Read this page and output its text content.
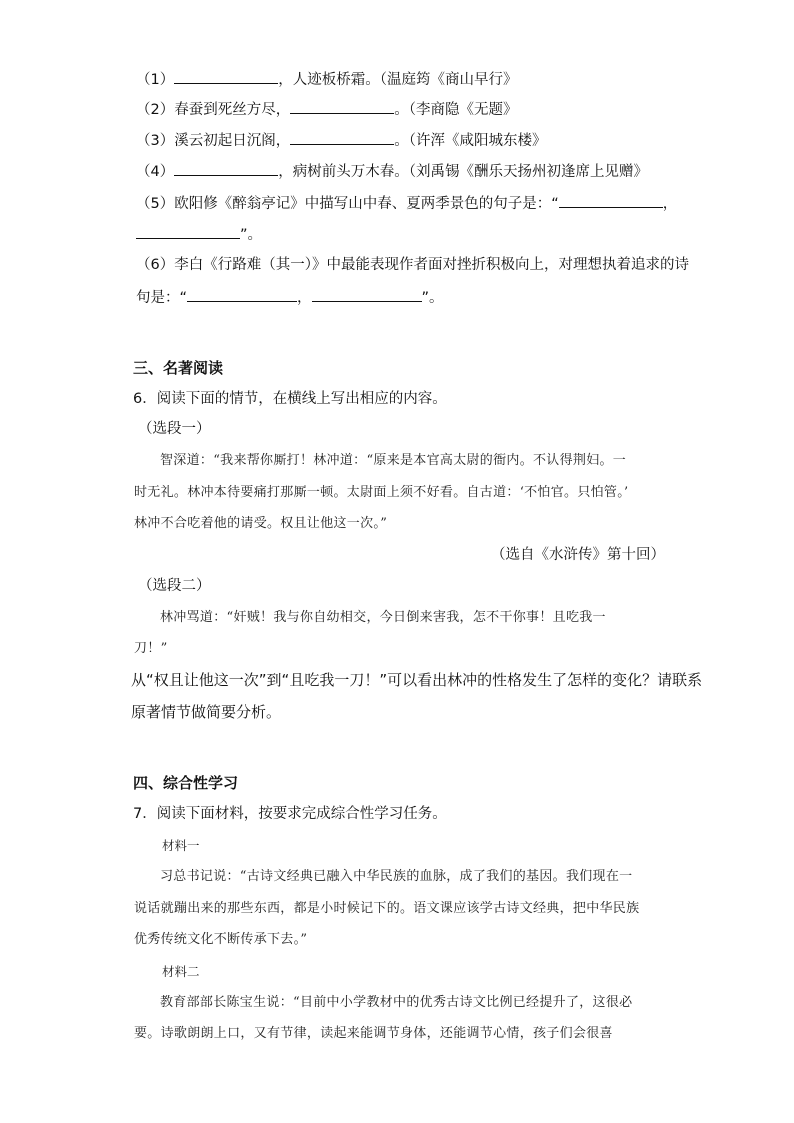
（1）	，人迹板桥霜。（温庭筠《商山早行》
（2）春蚕到死丝方尽，	。（李商隐《无题》
（3）溪云初起日沉阁，	。（许浑《咸阳城东楼》
（4）	，病树前头万木春。（刘禹锡《酬乐天扬州初逢席上见赠》
（5）欧阳修《醉翁亭记》中描写山中春、夏两季景色的句子是：“	，
”。
（6）李白《行路难（其一）》中最能表现作者面对挫折积极向上，对理想执着追求的诗
句是：“	，	”。
三、名著阅读
6．阅读下面的情节，在横线上写出相应的内容。
（选段一）
智深道：“我来帮你厮打！林冲道：“原来是本官高太尉的衙内。不认得荆妇。一
时无礼。林冲本待要痛打那厮一顿。太尉面上须不好看。自古道：‘不怕官。只怕管。’
林冲不合吃着他的请受。权且让他这一次。”
（选自《水浒传》第十回）
（选段二）
林冲骂道：“奸贼！我与你自幼相交，今日倒来害我，怎不干你事！且吃我一
刀！”
从“权且让他这一次”到“且吃我一刀！”可以看出林冲的性格发生了怎样的变化？请联系
原著情节做简要分析。
四、综合性学习
7．阅读下面材料，按要求完成综合性学习任务。
材料一
习总书记说：“古诗文经典已融入中华民族的血脉，成了我们的基因。我们现在一
说话就蹦出来的那些东西，都是小时候记下的。语文课应该学古诗文经典，把中华民族
优秀传统文化不断传承下去。”
材料二
教育部部长陈宝生说：“目前中小学教材中的优秀古诗文比例已经提升了，这很必
要。诗歌朗朗上口，又有节律，读起来能调节身体，还能调节心情，孩子们会很喜
